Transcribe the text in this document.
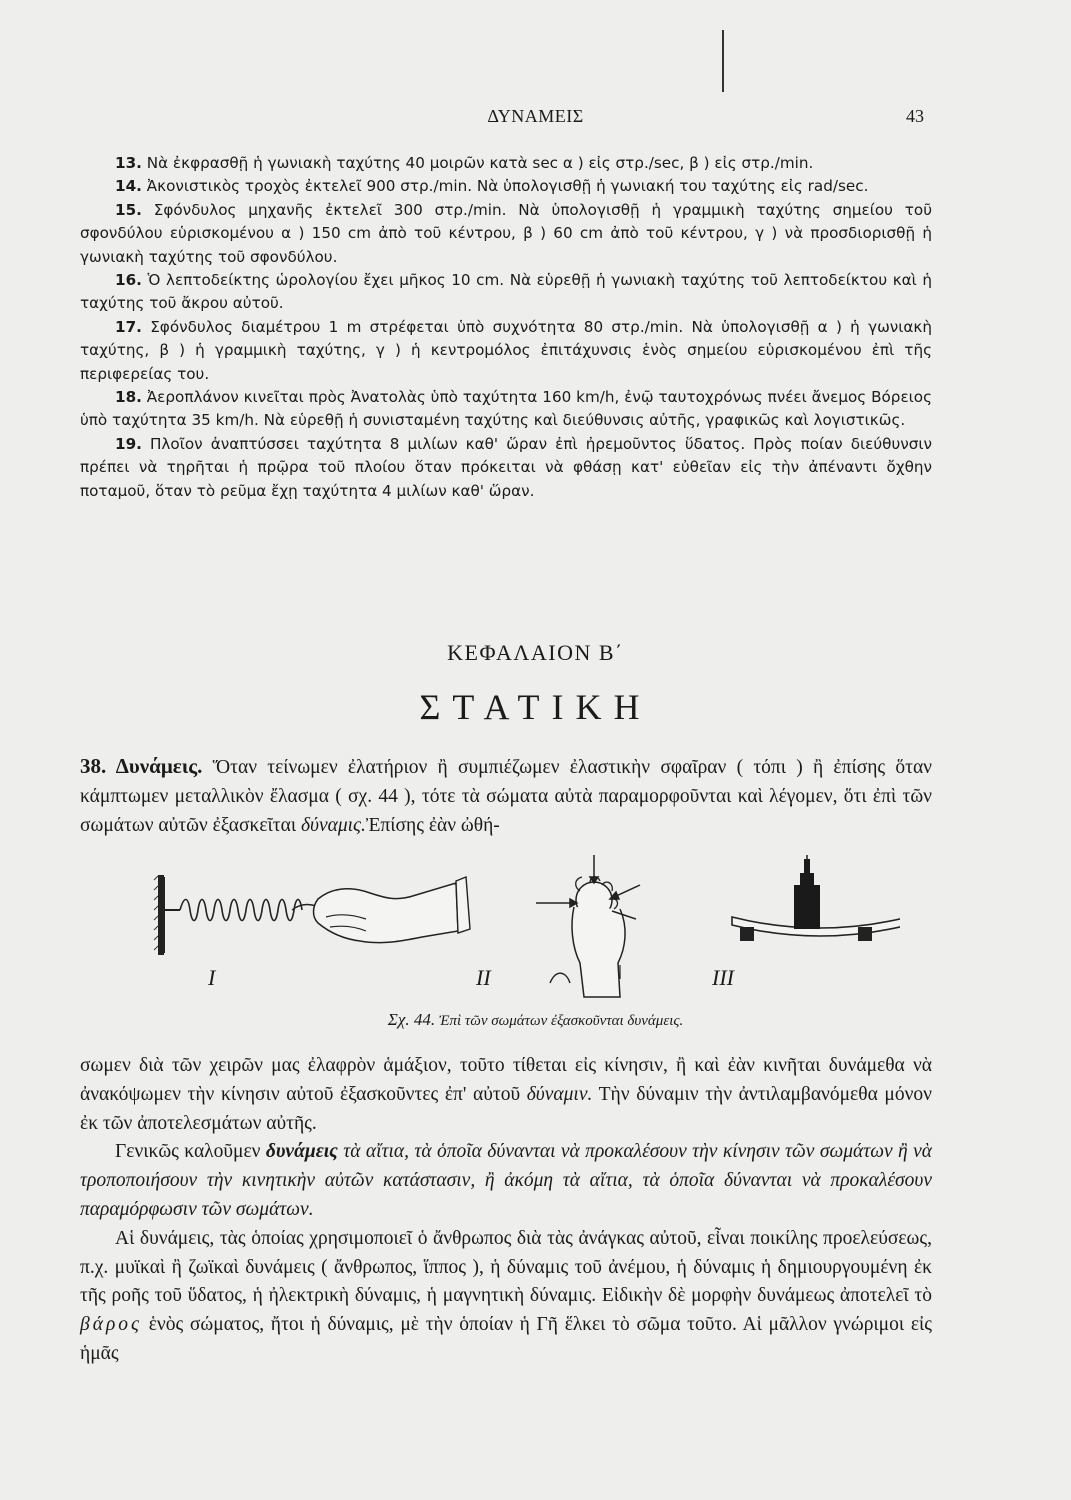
ΔΥΝΑΜΕΙΣ	43

13. Νὰ ἐκφρασθῇ ἡ γωνιακὴ ταχύτης 40 μοιρῶν κατὰ sec α ) εἰς στρ./sec, β ) εἰς στρ./min.

14. Ἀκονιστικὸς τροχὸς ἐκτελεῖ 900 στρ./min. Νὰ ὑπολογισθῇ ἡ γωνιακή του ταχύτης εἰς rad/sec.

15. Σφόνδυλος μηχανῆς ἐκτελεῖ 300 στρ./min. Νὰ ὑπολογισθῇ ἡ γραμμικὴ ταχύτης σημείου τοῦ σφονδύλου εὑρισκομένου α ) 150 cm ἀπὸ τοῦ κέντρου, β ) 60 cm ἀπὸ τοῦ κέντρου, γ ) νὰ προσδιορισθῇ ἡ γωνιακὴ ταχύτης τοῦ σφονδύλου.

16. Ὁ λεπτοδείκτης ὡρολογίου ἔχει μῆκος 10 cm. Νὰ εὑρεθῇ ἡ γωνιακὴ ταχύτης τοῦ λεπτοδείκτου καὶ ἡ ταχύτης τοῦ ἄκρου αὐτοῦ.

17. Σφόνδυλος διαμέτρου 1 m στρέφεται ὑπὸ συχνότητα 80 στρ./min. Νὰ ὑπολογισθῇ α ) ἡ γωνιακὴ ταχύτης, β ) ἡ γραμμικὴ ταχύτης, γ ) ἡ κεντρομόλος ἐπιτάχυνσις ἑνὸς σημείου εὑρισκομένου ἐπὶ τῆς περιφερείας του.

18. Ἀεροπλάνον κινεῖται πρὸς Ἀνατολὰς ὑπὸ ταχύτητα 160 km/h, ἐνῷ ταυτοχρόνως πνέει ἄνεμος Βόρειος ὑπὸ ταχύτητα 35 km/h. Νὰ εὑρεθῇ ἡ συνισταμένη ταχύτης καὶ διεύθυνσις αὐτῆς, γραφικῶς καὶ λογιστικῶς.

19. Πλοῖον ἀναπτύσσει ταχύτητα 8 μιλίων καθ' ὥραν ἐπὶ ἠρεμοῦντος ὕδατος. Πρὸς ποίαν διεύθυνσιν πρέπει νὰ τηρῆται ἡ πρῷρα τοῦ πλοίου ὅταν πρόκειται νὰ φθάσῃ κατ' εὐθεῖαν εἰς τὴν ἀπέναντι ὄχθην ποταμοῦ, ὅταν τὸ ρεῦμα ἔχῃ ταχύτητα 4 μιλίων καθ' ὥραν.

ΚΕΦΑΛΑΙΟΝ Β΄
ΣΤΑΤΙΚΗ

38. Δυνάμεις. Ὅταν τείνωμεν ἐλατήριον ἢ συμπιέζωμεν ἐλαστικὴν σφαῖραν ( τόπι ) ἢ ἐπίσης ὅταν κάμπτωμεν μεταλλικὸν ἔλασμα ( σχ. 44 ), τότε τὰ σώματα αὐτὰ παραμορφοῦνται καὶ λέγομεν, ὅτι ἐπὶ τῶν σωμάτων αὐτῶν ἐξασκεῖται δύναμις.Ἐπίσης ἐὰν ὠθή-

I	II	III
Σχ. 44. Ἐπὶ τῶν σωμάτων ἐξασκοῦνται δυνάμεις.

σωμεν διὰ τῶν χειρῶν μας ἐλαφρὸν ἁμάξιον, τοῦτο τίθεται εἰς κίνησιν, ἢ καὶ ἐὰν κινῆται δυνάμεθα νὰ ἀνακόψωμεν τὴν κίνησιν αὐτοῦ ἐξασκοῦντες ἐπ' αὐτοῦ δύναμιν. Τὴν δύναμιν τὴν ἀντιλαμβανόμεθα μόνον ἐκ τῶν ἀποτελεσμάτων αὐτῆς.

Γενικῶς καλοῦμεν δυνάμεις τὰ αἴτια, τὰ ὁποῖα δύνανται νὰ προκαλέσουν τὴν κίνησιν τῶν σωμάτων ἢ νὰ τροποποιήσουν τὴν κινητικὴν αὐτῶν κατάστασιν, ἢ ἀκόμη τὰ αἴτια, τὰ ὁποῖα δύνανται νὰ προκαλέσουν παραμόρφωσιν τῶν σωμάτων.

Αἱ δυνάμεις, τὰς ὁποίας χρησιμοποιεῖ ὁ ἄνθρωπος διὰ τὰς ἀνάγκας αὐτοῦ, εἶναι ποικίλης προελεύσεως, π.χ. μυϊκαὶ ἢ ζωϊκαὶ δυνάμεις ( ἄνθρωπος, ἵππος ), ἡ δύναμις τοῦ ἀνέμου, ἡ δύναμις ἡ δημιουργουμένη ἐκ τῆς ροῆς τοῦ ὕδατος, ἡ ἠλεκτρικὴ δύναμις, ἡ μαγνητικὴ δύναμις. Εἰδικὴν δὲ μορφὴν δυνάμεως ἀποτελεῖ τὸ βάρος ἑνὸς σώματος, ἤτοι ἡ δύναμις, μὲ τὴν ὁποίαν ἡ Γῆ ἕλκει τὸ σῶμα τοῦτο. Αἱ μᾶλλον γνώριμοι εἰς ἡμᾶς
